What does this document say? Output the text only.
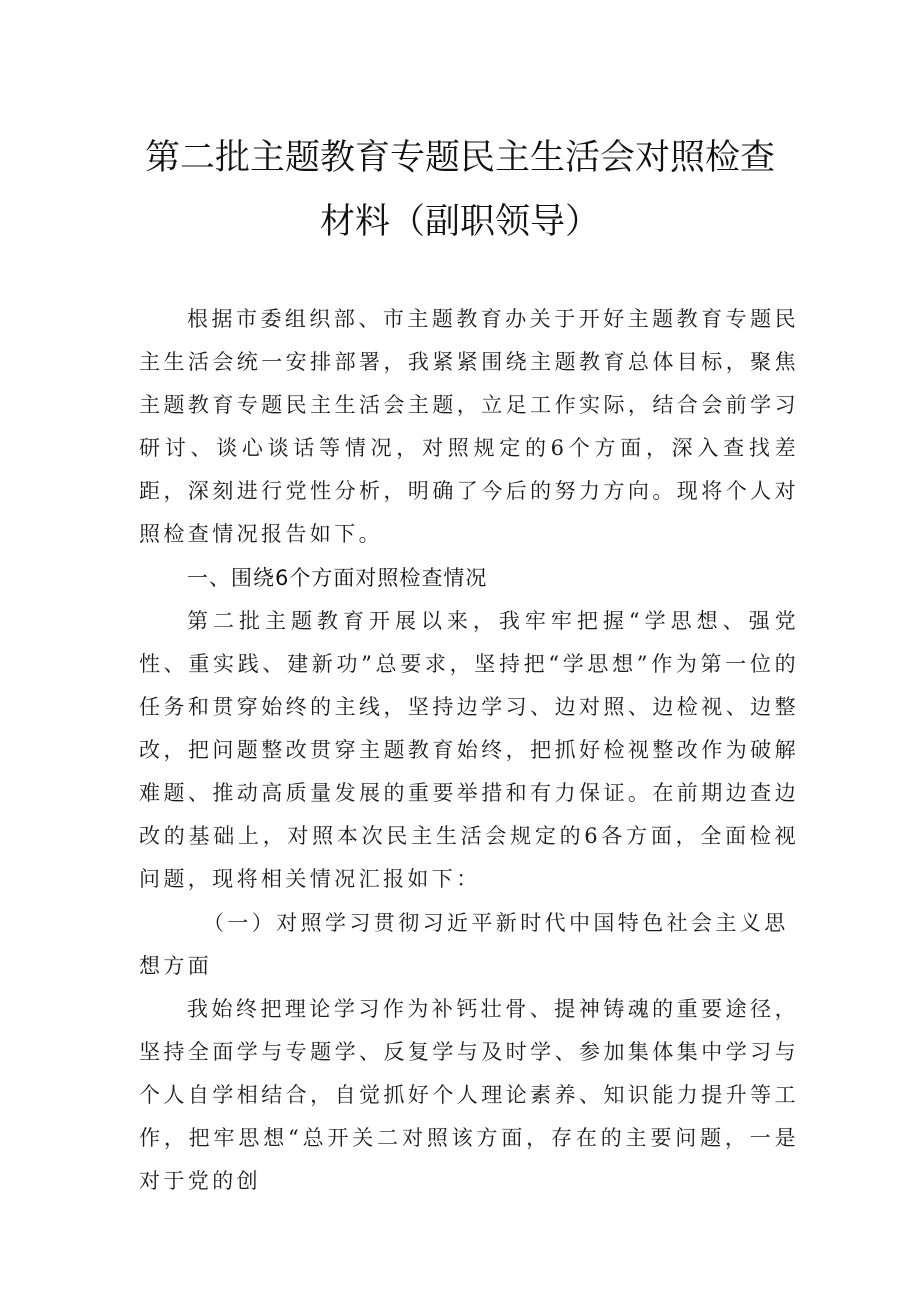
第二批主题教育专题民主生活会对照检查
材料（副职领导）
根据市委组织部、市主题教育办关于开好主题教育专题民主生活会统一安排部署，我紧紧围绕主题教育总体目标，聚焦主题教育专题民主生活会主题，立足工作实际，结合会前学习研讨、谈心谈话等情况，对照规定的6个方面，深入查找差距，深刻进行党性分析，明确了今后的努力方向。现将个人对照检查情况报告如下。
一、围绕6个方面对照检查情况
第二批主题教育开展以来，我牢牢把握“学思想、强党性、重实践、建新功”总要求，坚持把“学思想”作为第一位的任务和贯穿始终的主线，坚持边学习、边对照、边检视、边整改，把问题整改贯穿主题教育始终，把抓好检视整改作为破解难题、推动高质量发展的重要举措和有力保证。在前期边查边改的基础上，对照本次民主生活会规定的6各方面，全面检视问题，现将相关情况汇报如下：
（一）对照学习贯彻习近平新时代中国特色社会主义思想方面
我始终把理论学习作为补钙壮骨、提神铸魂的重要途径，坚持全面学与专题学、反复学与及时学、参加集体集中学习与个人自学相结合，自觉抓好个人理论素养、知识能力提升等工作，把牢思想“总开关二对照该方面，存在的主要问题，一是对于党的创
